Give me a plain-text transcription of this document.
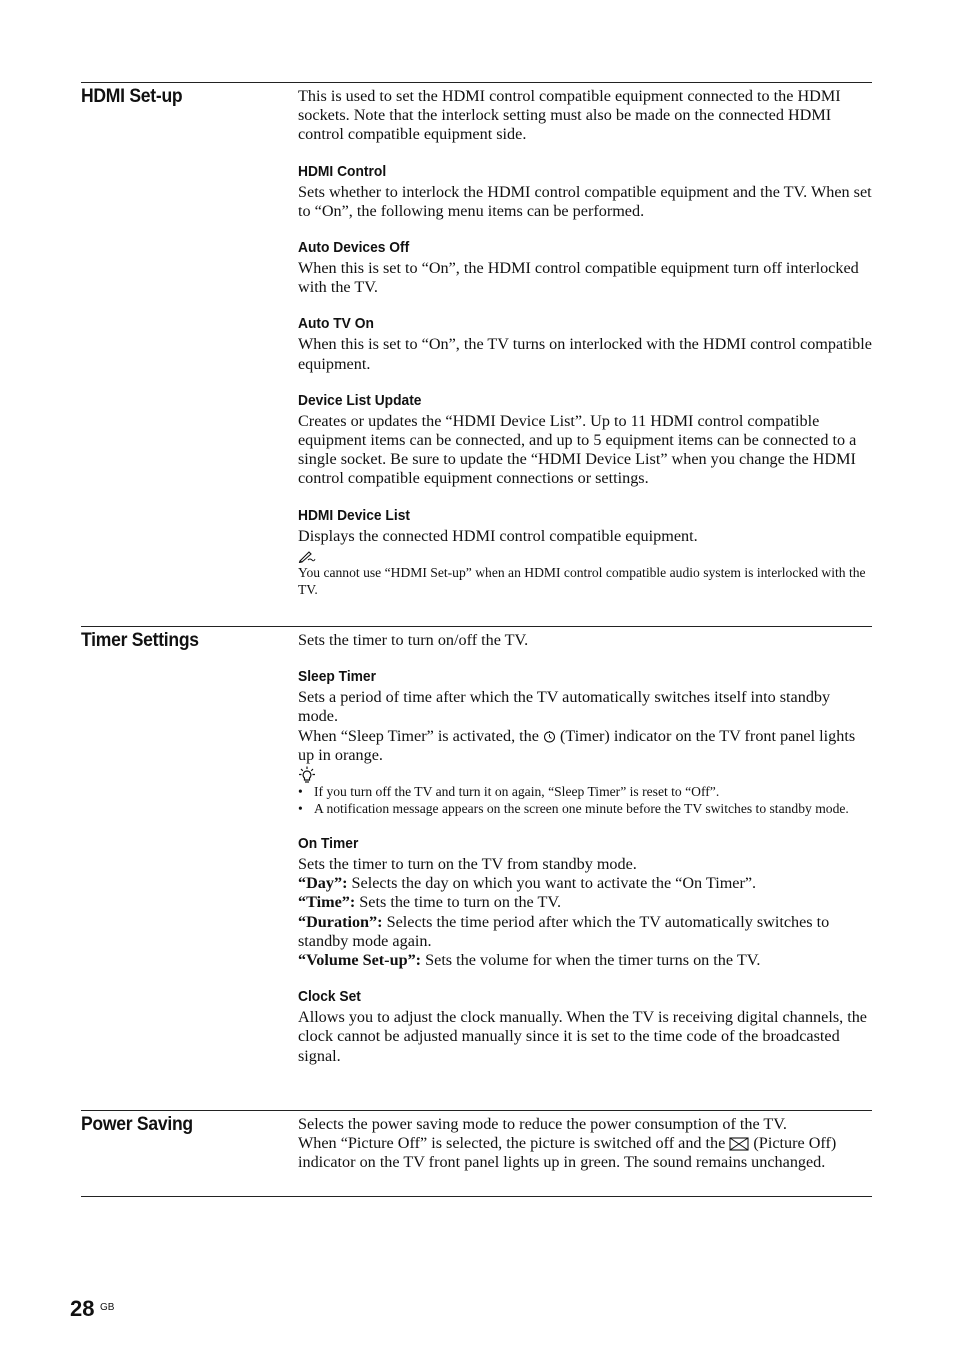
HDMI Set-up	This is used to set the HDMI control compatible equipment connected to the HDMI sockets. Note that the interlock setting must also be made on the connected HDMI control compatible equipment side.

HDMI Control

Sets whether to interlock the HDMI control compatible equipment and the TV. When set to “On”, the following menu items can be performed.

Auto Devices Off

When this is set to “On”, the HDMI control compatible equipment turn off interlocked with the TV.

Auto TV On

When this is set to “On”, the TV turns on interlocked with the HDMI control compatible equipment.

Device List Update

Creates or updates the “HDMI Device List”. Up to 11 HDMI control compatible equipment items can be connected, and up to 5 equipment items can be connected to a single socket. Be sure to update the “HDMI Device List” when you change the HDMI control compatible equipment connections or settings.

HDMI Device List

Displays the connected HDMI control compatible equipment.

You cannot use “HDMI Set-up” when an HDMI control compatible audio system is interlocked with the TV.

Timer Settings	Sets the timer to turn on/off the TV.

Sleep Timer

Sets a period of time after which the TV automatically switches itself into standby mode.

When “Sleep Timer” is activated, the (Timer) indicator on the TV front panel lights up in orange.

• If you turn off the TV and turn it on again, “Sleep Timer” is reset to “Off”.

• A notification message appears on the screen one minute before the TV switches to standby mode.

On Timer

Sets the timer to turn on the TV from standby mode.

“Day”: Selects the day on which you want to activate the “On Timer”.

“Time”: Sets the time to turn on the TV.

“Duration”: Selects the time period after which the TV automatically switches to standby mode again.

“Volume Set-up”: Sets the volume for when the timer turns on the TV.

Clock Set

Allows you to adjust the clock manually. When the TV is receiving digital channels, the clock cannot be adjusted manually since it is set to the time code of the broadcasted signal.

Power Saving	Selects the power saving mode to reduce the power consumption of the TV.

When “Picture Off” is selected, the picture is switched off and the (Picture Off) indicator on the TV front panel lights up in green. The sound remains unchanged.

28 GB
